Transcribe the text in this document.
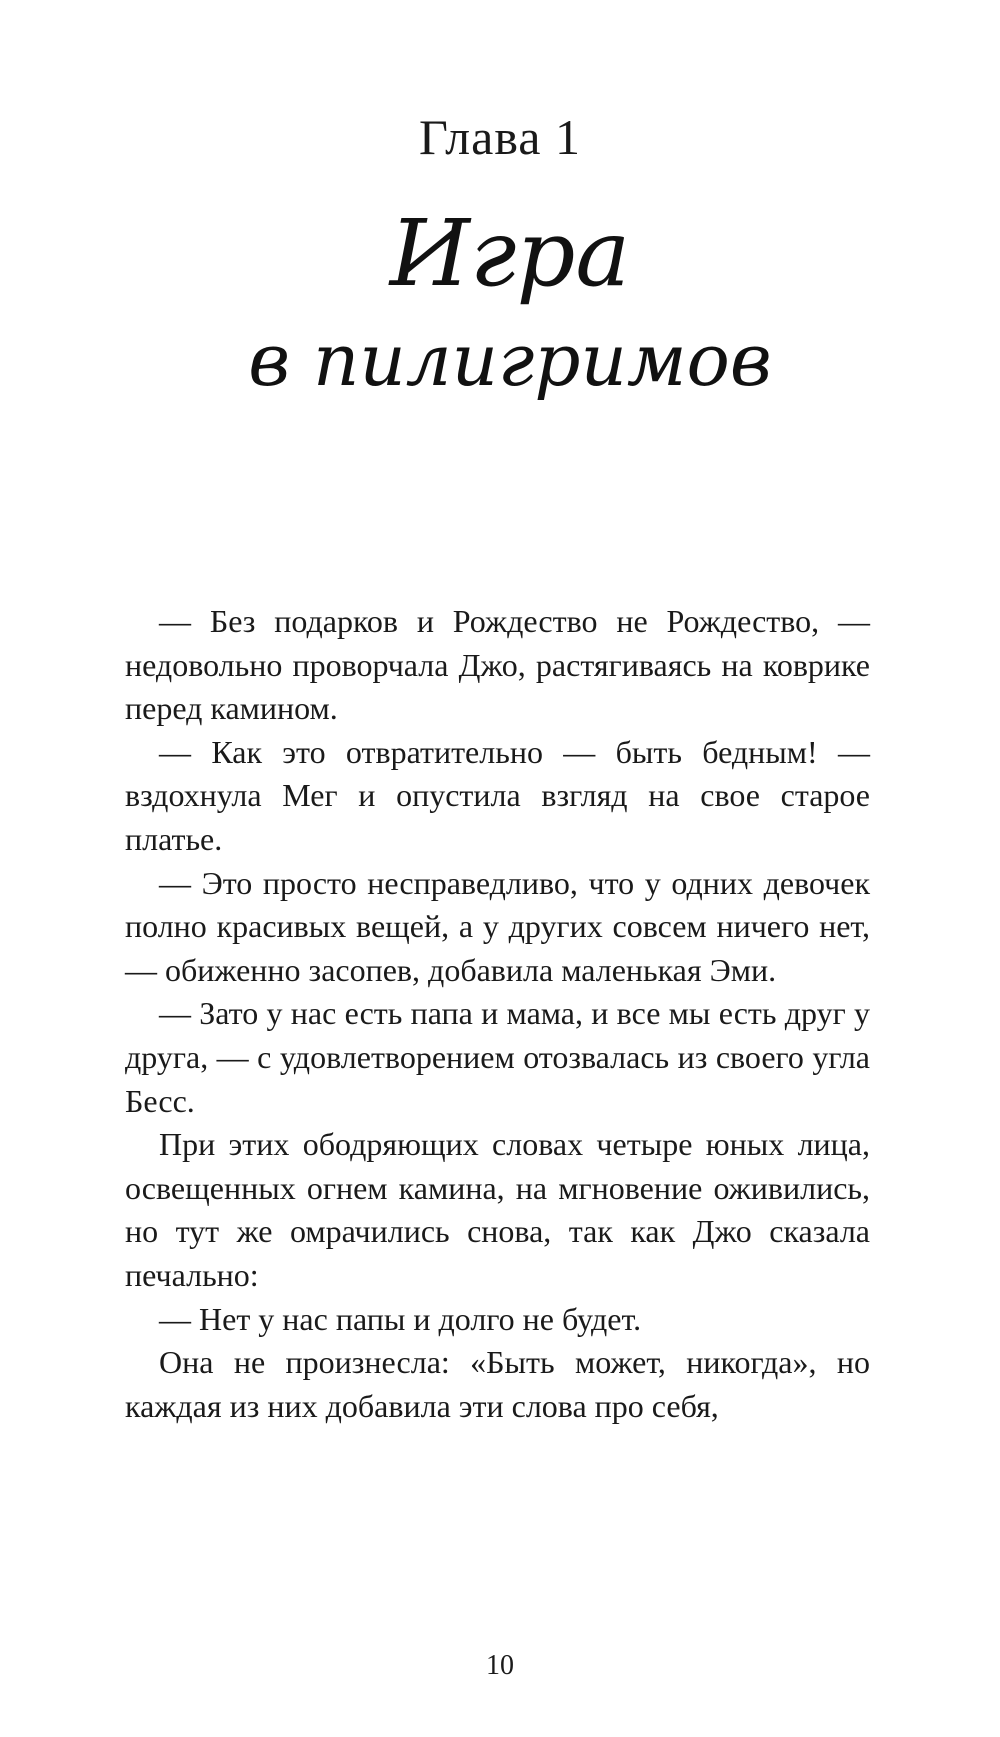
Глава 1
Игра
в пилигримов

— Без подарков и Рождество не Рождество, — недовольно проворчала Джо, растягиваясь на коврике перед камином.

— Как это отвратительно — быть бедным! — вздохнула Мег и опустила взгляд на свое старое платье.

— Это просто несправедливо, что у одних девочек полно красивых вещей, а у других совсем ничего нет, — обиженно засопев, добавила маленькая Эми.

— Зато у нас есть папа и мама, и все мы есть друг у друга, — с удовлетворением отозвалась из своего угла Бесс.

При этих ободряющих словах четыре юных лица, освещенных огнем камина, на мгновение оживились, но тут же омрачились снова, так как Джо сказала печально:

— Нет у нас папы и долго не будет.

Она не произнесла: «Быть может, никогда», но каждая из них добавила эти слова про себя,

10
